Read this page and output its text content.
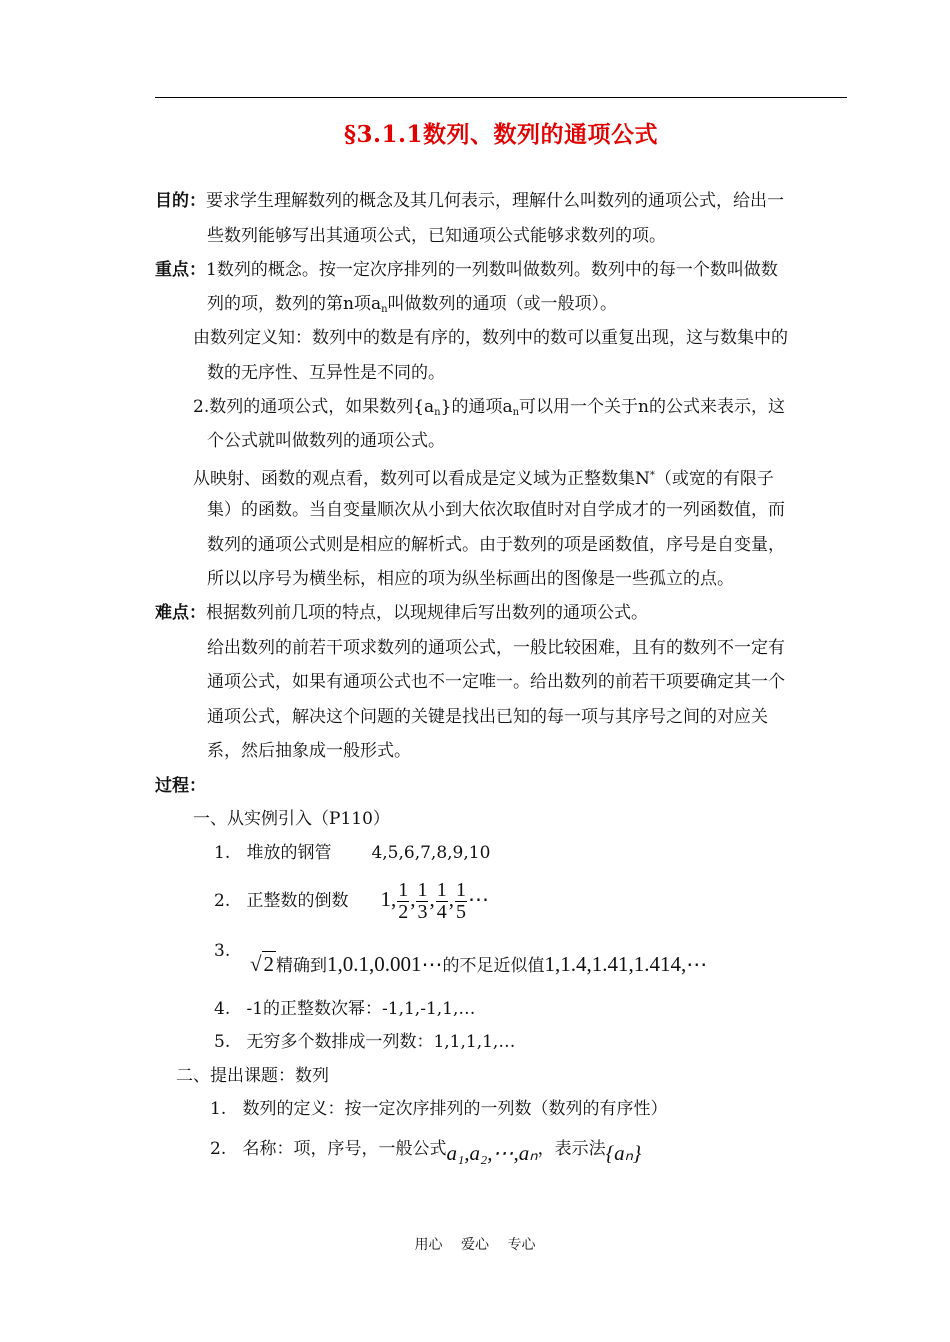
§3.1.1数列、数列的通项公式
目的：要求学生理解数列的概念及其几何表示，理解什么叫数列的通项公式，给出一
些数列能够写出其通项公式，已知通项公式能够求数列的项。
重点：1数列的概念。按一定次序排列的一列数叫做数列。数列中的每一个数叫做数
列的项，数列的第n项$a_n$叫做数列的通项（或一般项）。
由数列定义知：数列中的数是有序的，数列中的数可以重复出现，这与数集中的
数的无序性、互异性是不同的。
2.数列的通项公式，如果数列$\{a_n\}$的通项$a_n$可以用一个关于n的公式来表示，这
个公式就叫做数列的通项公式。
从映射、函数的观点看，数列可以看成是定义域为正整数集N*（或宽的有限子
集）的函数。当自变量顺次从小到大依次取值时对自学成才的一列函数值，而
数列的通项公式则是相应的解析式。由于数列的项是函数值，序号是自变量，
所以以序号为横坐标，相应的项为纵坐标画出的图像是一些孤立的点。
难点：根据数列前几项的特点，以现规律后写出数列的通项公式。
给出数列的前若干项求数列的通项公式，一般比较困难，且有的数列不一定有
通项公式，如果有通项公式也不一定唯一。给出数列的前若干项要确定其一个
通项公式，解决这个问题的关键是找出已知的每一项与其序号之间的对应关
系，然后抽象成一般形式。
过程：
一、从实例引入（P110）
1. 堆放的钢管 4,5,6,7,8,9,10
2. 正整数的倒数 1, $\frac{1}{2}$ , $\frac{1}{3}$ , $\frac{1}{4}$ , $\frac{1}{5}$ ⋯
3.
√2 精确到1,0.1,0.001⋯的不足近似值1,1.4,1.41,1.414,⋯
4. -1的正整数次幂：-1,1,-1,1,…
5. 无穷多个数排成一列数：1,1,1,1,…
二、提出课题：数列
1. 数列的定义：按一定次序排列的一列数（数列的有序性）
2. 名称：项，序号，一般公式a₁,a₂,⋯,aₙ，表示法{aₙ}
用心 爱心 专心
